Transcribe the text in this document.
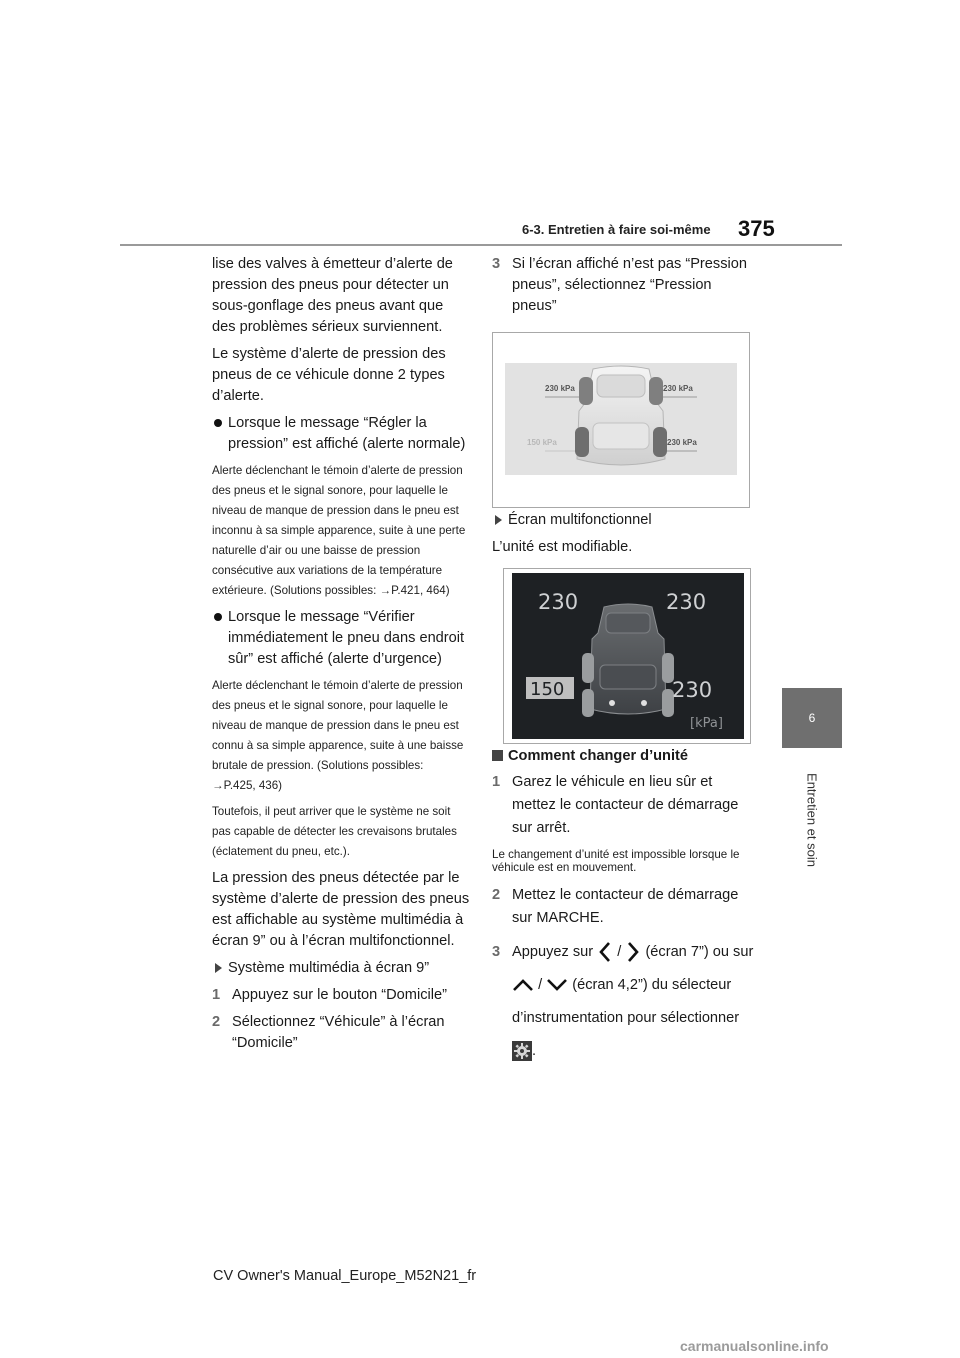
6-3. Entretien à faire soi-même 375
6
Entretien et soin

lise des valves à émetteur d’alerte de pression des pneus pour détecter un sous-gonflage des pneus avant que des problèmes sérieux surviennent.

Le système d’alerte de pression des pneus de ce véhicule donne 2 types d’alerte.

Lorsque le message “Régler la pression” est affiché (alerte normale)

Alerte déclenchant le témoin d’alerte de pression des pneus et le signal sonore, pour laquelle le niveau de manque de pression dans le pneu est inconnu à sa simple apparence, suite à une perte naturelle d’air ou une baisse de pression consécutive aux variations de la température extérieure. (Solutions possibles: →P.421, 464)

Lorsque le message “Vérifier immédiatement le pneu dans endroit sûr” est affiché (alerte d’urgence)

Alerte déclenchant le témoin d’alerte de pression des pneus et le signal sonore, pour laquelle le niveau de manque de pression dans le pneu est connu à sa simple apparence, suite à une baisse brutale de pression. (Solutions possibles: →P.425, 436)

Toutefois, il peut arriver que le système ne soit pas capable de détecter les crevaisons brutales (éclatement du pneu, etc.).

La pression des pneus détectée par le système d’alerte de pression des pneus est affichable au système multimédia à écran 9” ou à l’écran multifonctionnel.

Système multimédia à écran 9”
1 Appuyez sur le bouton “Domicile”
2 Sélectionnez “Véhicule” à l’écran “Domicile”
3 Si l’écran affiché n’est pas “Pression pneus”, sélectionnez “Pression pneus”
230 kPa	230 kPa
150 kPa	230 kPa
Écran multifonctionnel

L’unité est modifiable.

230	230
150	230
[kPa]
Comment changer d’unité
1 Garez le véhicule en lieu sûr et mettez le contacteur de démarrage sur arrêt.

Le changement d’unité est impossible lorsque le véhicule est en mouvement.

2 Mettez le contacteur de démarrage sur MARCHE.
3 Appuyez sur / (écran 7”) ou sur  / (écran 4,2”) du sélecteur d’instrumentation pour sélectionner .
CV Owner's Manual_Europe_M52N21_fr
carmanualsonline.info
